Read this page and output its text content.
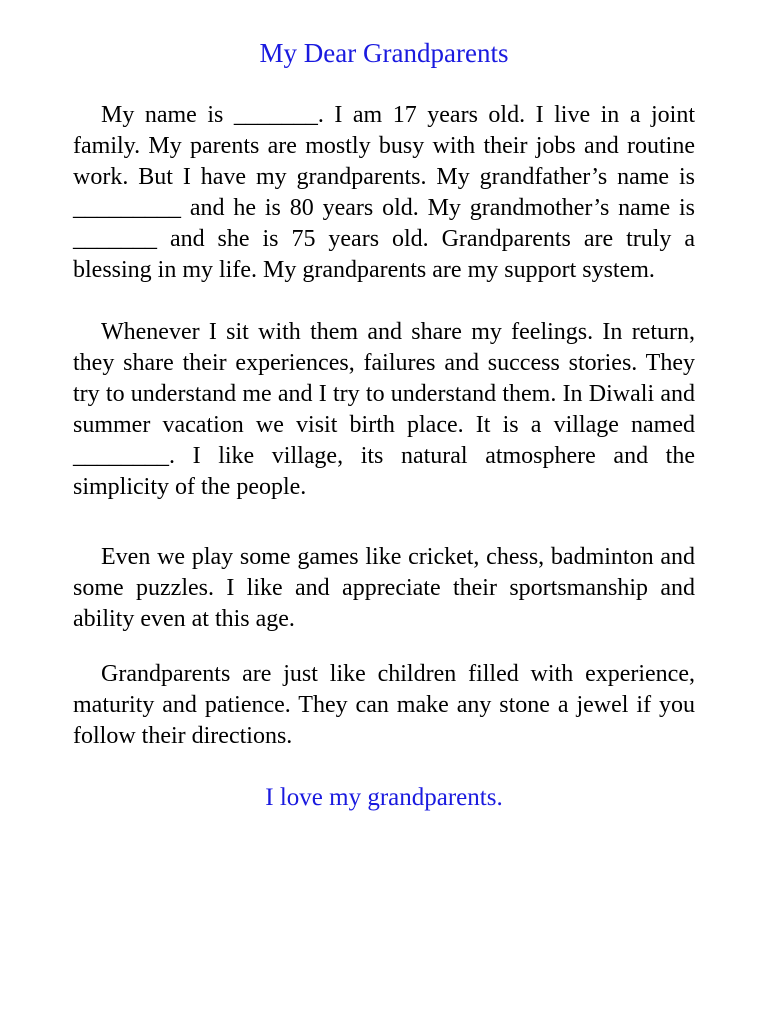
My Dear Grandparents

My name is _______. I am 17 years old. I live in a joint family. My parents are mostly busy with their jobs and routine work. But I have my grandparents. My grandfather’s name is _________ and he is 80 years old. My grandmother’s name is _______ and she is 75 years old. Grandparents are truly a blessing in my life. My grandparents are my support system.

Whenever I sit with them and share my feelings. In return, they share their experiences, failures and success stories. They try to understand me and I try to understand them. In Diwali and summer vacation we visit birth place. It is a village named ________. I like village, its natural atmosphere and the simplicity of the people.

Even we play some games like cricket, chess, badminton and some puzzles. I like and appreciate their sportsmanship and ability even at this age.

Grandparents are just like children filled with experience, maturity and patience. They can make any stone a jewel if you follow their directions.

I love my grandparents.
